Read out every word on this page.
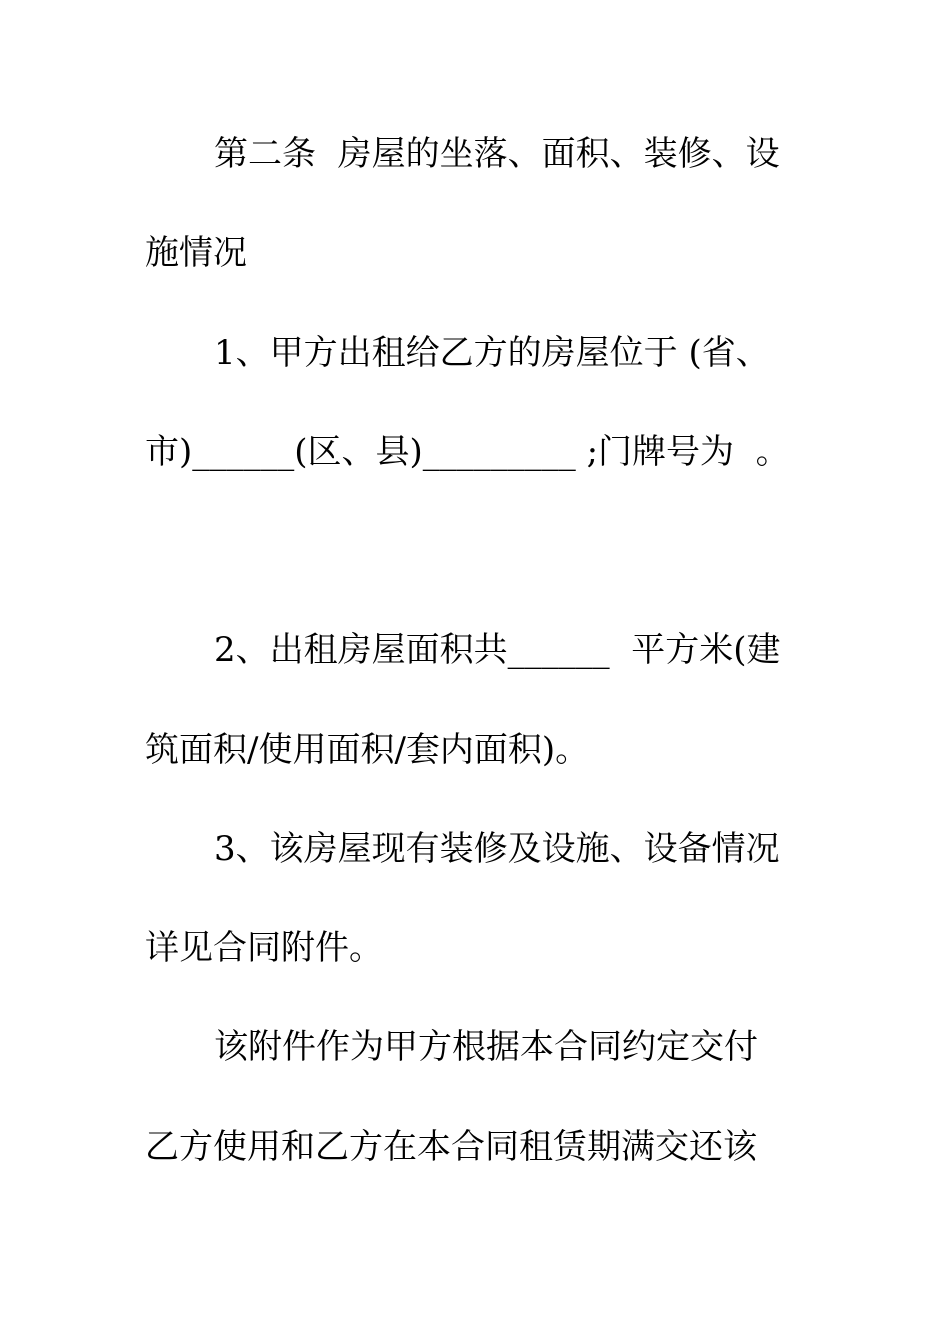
第二条  房屋的坐落、面积、装修、设
施情况
1、甲方出租给乙方的房屋位于 (省、
市)______(区、县)_________ ;门牌号为  。
2、出租房屋面积共______  平方米(建
筑面积/使用面积/套内面积)。
3、该房屋现有装修及设施、设备情况
详见合同附件。
该附件作为甲方根据本合同约定交付
乙方使用和乙方在本合同租赁期满交还该
